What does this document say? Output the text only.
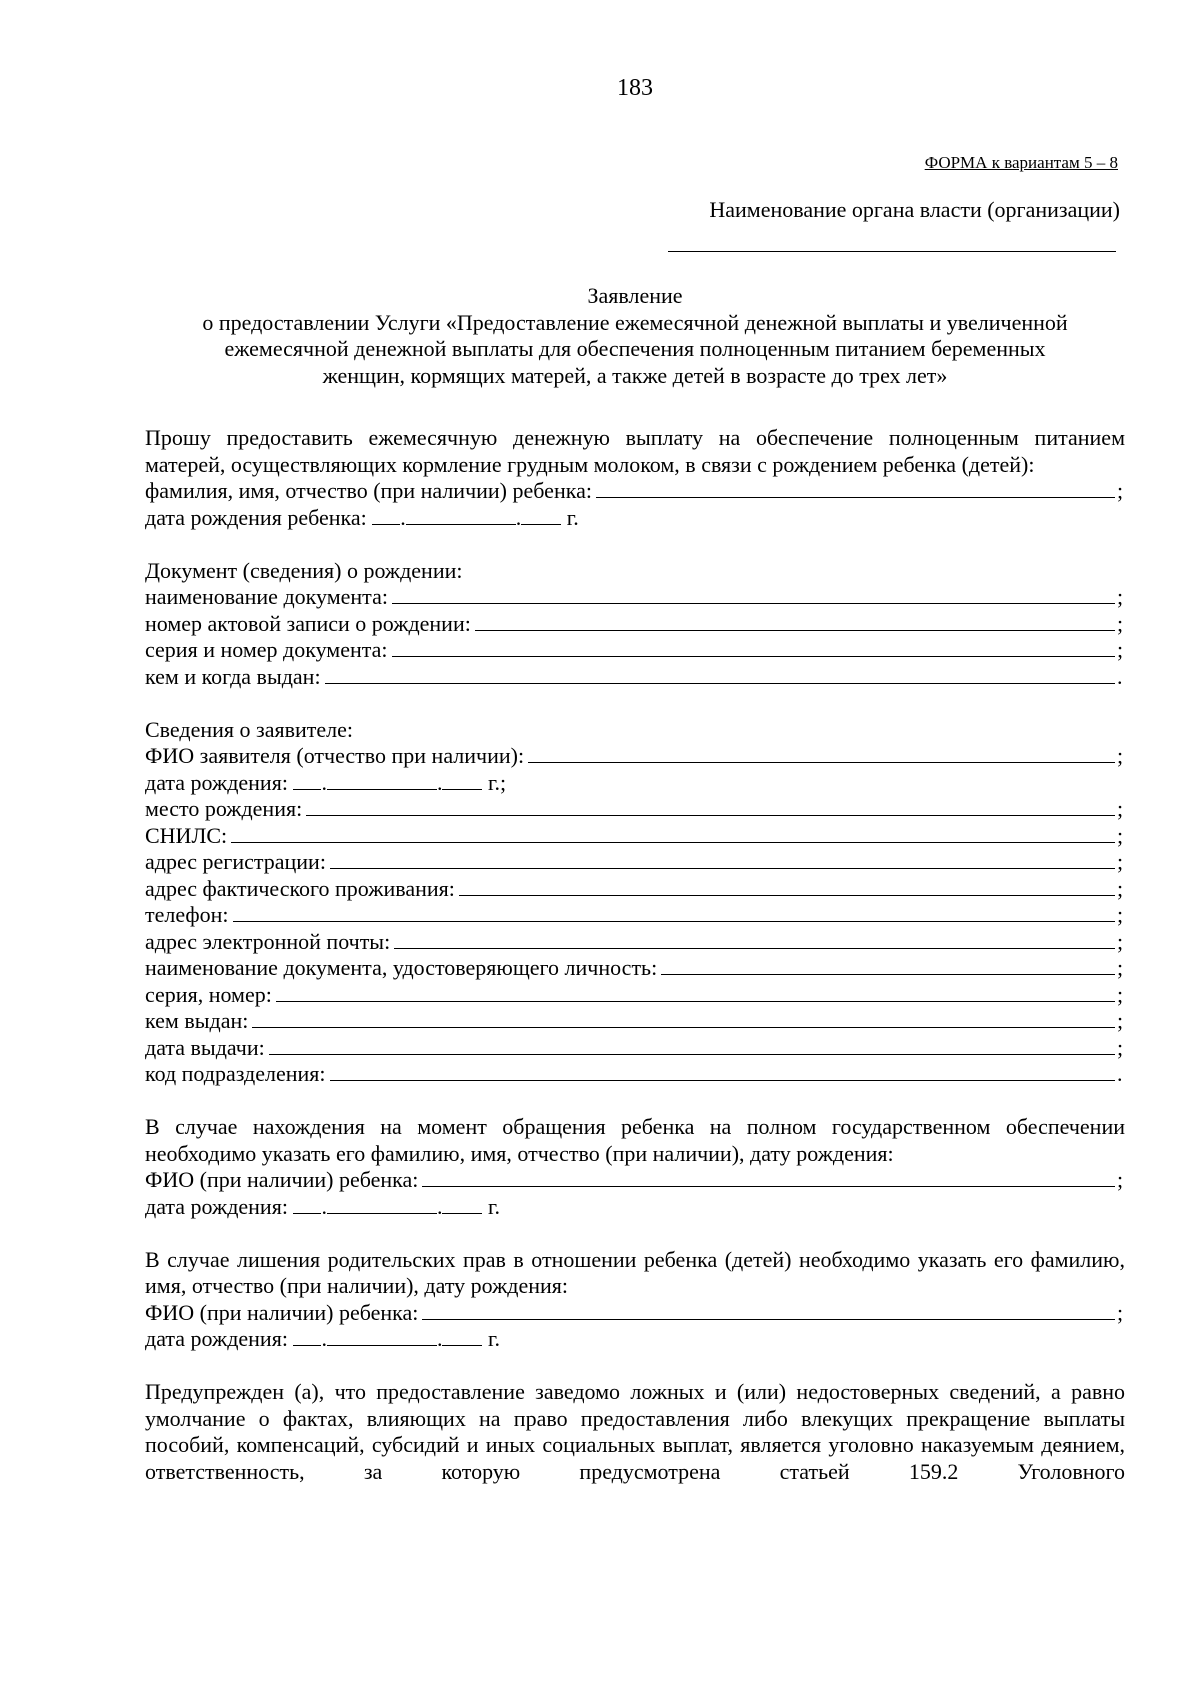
183
ФОРМА к вариантам 5 – 8
Наименование органа власти (организации)
Заявление
о предоставлении Услуги «Предоставление ежемесячной денежной выплаты и увеличенной
ежемесячной денежной выплаты для обеспечения полноценным питанием беременных
женщин, кормящих матерей, а также детей в возрасте до трех лет»
Прошу предоставить ежемесячную денежную выплату на обеспечение полноценным питанием матерей, осуществляющих кормление грудным молоком, в связи с рождением ребенка (детей):
фамилия, имя, отчество (при наличии) ребенка:	;
дата рождения ребенка:
.	.
г.
Документ (сведения) о рождении:
наименование документа:	;
номер актовой записи о рождении:	;
серия и номер документа:	;
кем и когда выдан:	.
Сведения о заявителе:
ФИО заявителя (отчество при наличии):	;
дата рождения:
.	.
г.;
место рождения:	;
СНИЛС:	;
адрес регистрации:	;
адрес фактического проживания:	;
телефон:	;
адрес электронной почты:	;
наименование документа, удостоверяющего личность:	;
серия, номер:	;
кем выдан:	;
дата выдачи:	;
код подразделения:	.
В случае нахождения на момент обращения ребенка на полном государственном обеспечении необходимо указать его фамилию, имя, отчество (при наличии), дату рождения:
ФИО (при наличии) ребенка:	;
дата рождения:
.	.
г.
В случае лишения родительских прав в отношении ребенка (детей) необходимо указать его фамилию, имя, отчество (при наличии), дату рождения:
ФИО (при наличии) ребенка:	;
дата рождения:
.	.
г.
Предупрежден (а), что предоставление заведомо ложных и (или) недостоверных сведений, а равно умолчание о фактах, влияющих на право предоставления либо влекущих прекращение выплаты пособий, компенсаций, субсидий и иных социальных выплат, является уголовно наказуемым деянием, ответственность, за которую предусмотрена статьей 159.2 Уголовного
